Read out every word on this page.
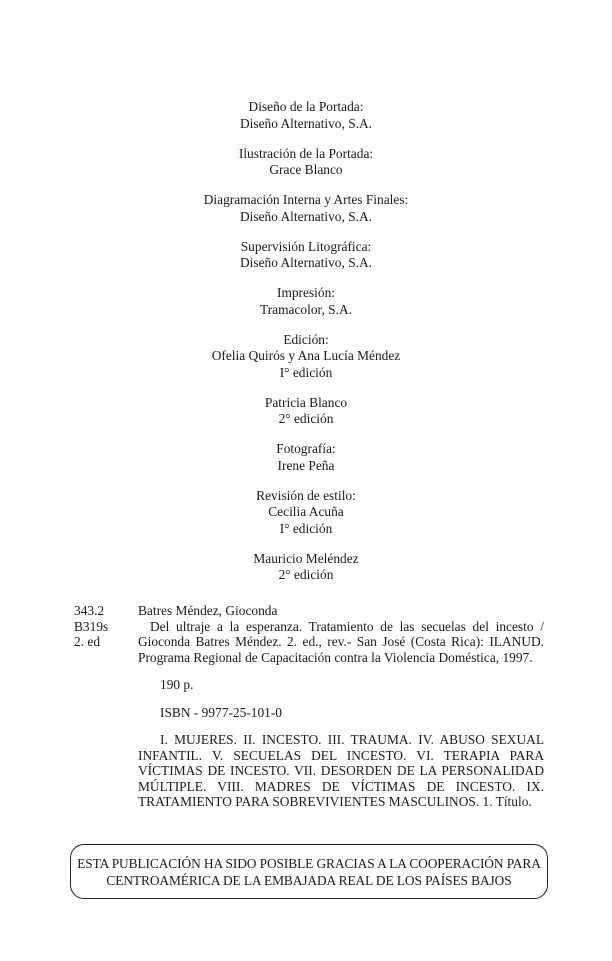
Diseño de la Portada:
Diseño Alternativo, S.A.
Ilustración de la Portada:
Grace Blanco
Diagramación Interna y Artes Finales:
Diseño Alternativo, S.A.
Supervisión Litográfica:
Diseño Alternativo, S.A.
Impresión:
Tramacolor, S.A.
Edición:
Ofelia Quirós y Ana Lucía Méndez
I° edición
Patricia Blanco
2° edición
Fotografía:
Irene Peña
Revisión de estilo:
Cecilia Acuña
I° edición
Mauricio Meléndez
2° edición
343.2
B319s
2. ed
Batres Méndez, Gioconda
Del ultraje a la esperanza. Tratamiento de las secuelas del incesto / Gioconda Batres Méndez. 2. ed., rev.- San José (Costa Rica): ILANUD. Programa Regional de Capacitación contra la Violencia Doméstica, 1997.
190 p.
ISBN - 9977-25-101-0
I. MUJERES. II. INCESTO. III. TRAUMA. IV. ABUSO SEXUAL INFANTIL. V. SECUELAS DEL INCESTO. VI. TERAPIA PARA VÍCTIMAS DE INCESTO. VII. DESORDEN DE LA PERSONALIDAD MÚLTIPLE. VIII. MADRES DE VÍCTIMAS DE INCESTO. IX. TRATAMIENTO PARA SOBREVIVIENTES MASCULINOS. 1. Título.
ESTA PUBLICACIÓN HA SIDO POSIBLE GRACIAS A LA COOPERACIÓN PARA
CENTROAMÉRICA DE LA EMBAJADA REAL DE LOS PAÍSES BAJOS
